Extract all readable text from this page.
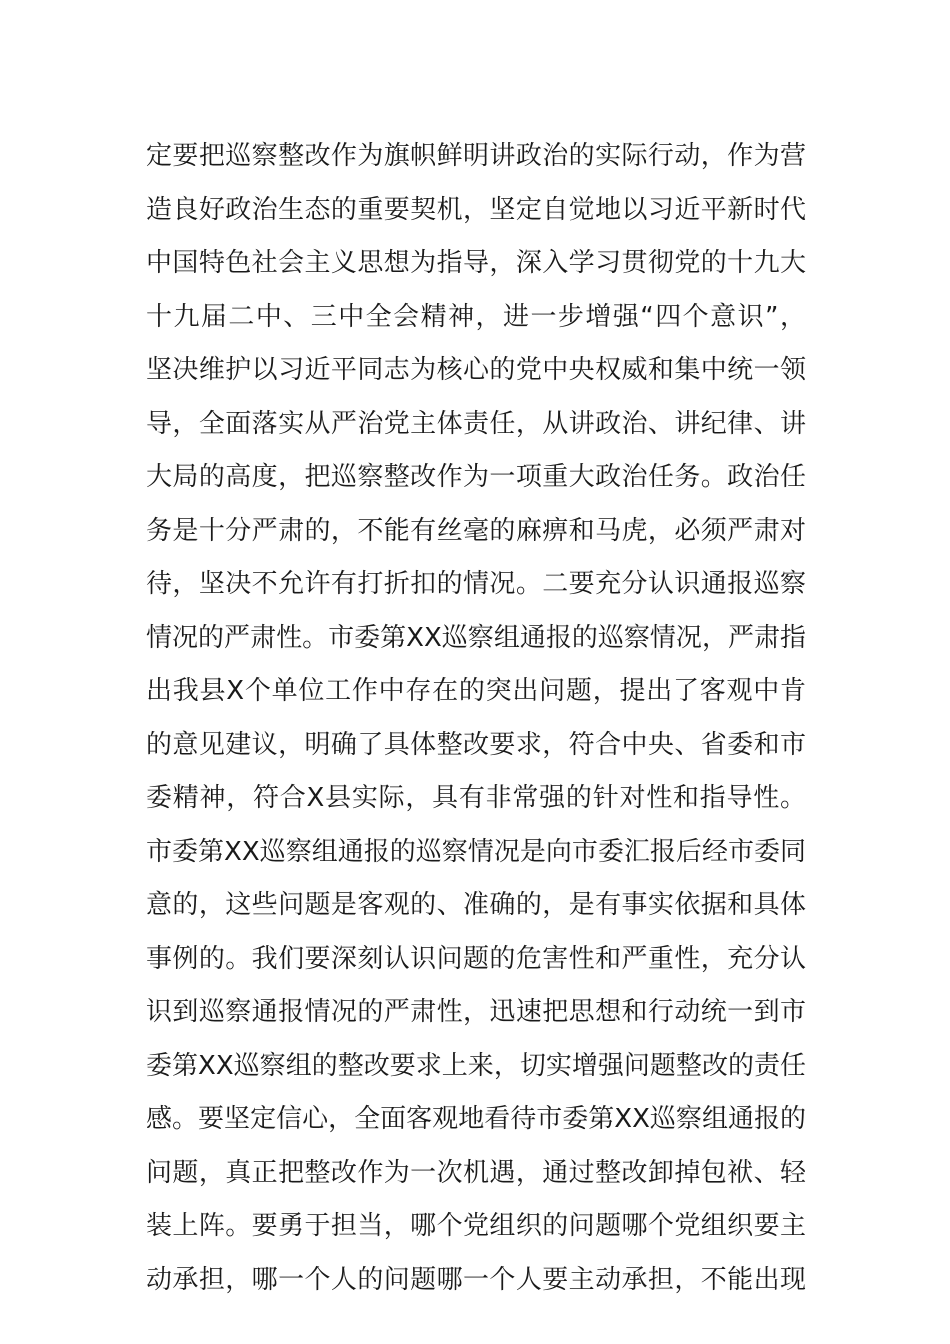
定要把巡察整改作为旗帜鲜明讲政治的实际行动，作为营
造良好政治生态的重要契机，坚定自觉地以习近平新时代
中国特色社会主义思想为指导，深入学习贯彻党的十九大
十九届二中、三中全会精神，进一步增强“四个意识”，
坚决维护以习近平同志为核心的党中央权威和集中统一领
导，全面落实从严治党主体责任，从讲政治、讲纪律、讲
大局的高度，把巡察整改作为一项重大政治任务。政治任
务是十分严肃的，不能有丝毫的麻痹和马虎，必须严肃对
待，坚决不允许有打折扣的情况。二要充分认识通报巡察
情况的严肃性。市委第XX巡察组通报的巡察情况，严肃指
出我县X个单位工作中存在的突出问题，提出了客观中肯
的意见建议，明确了具体整改要求，符合中央、省委和市
委精神，符合X县实际，具有非常强的针对性和指导性。
市委第XX巡察组通报的巡察情况是向市委汇报后经市委同
意的，这些问题是客观的、准确的，是有事实依据和具体
事例的。我们要深刻认识问题的危害性和严重性，充分认
识到巡察通报情况的严肃性，迅速把思想和行动统一到市
委第XX巡察组的整改要求上来，切实增强问题整改的责任
感。要坚定信心，全面客观地看待市委第XX巡察组通报的
问题，真正把整改作为一次机遇，通过整改卸掉包袱、轻
装上阵。要勇于担当，哪个党组织的问题哪个党组织要主
动承担，哪一个人的问题哪一个人要主动承担，不能出现
